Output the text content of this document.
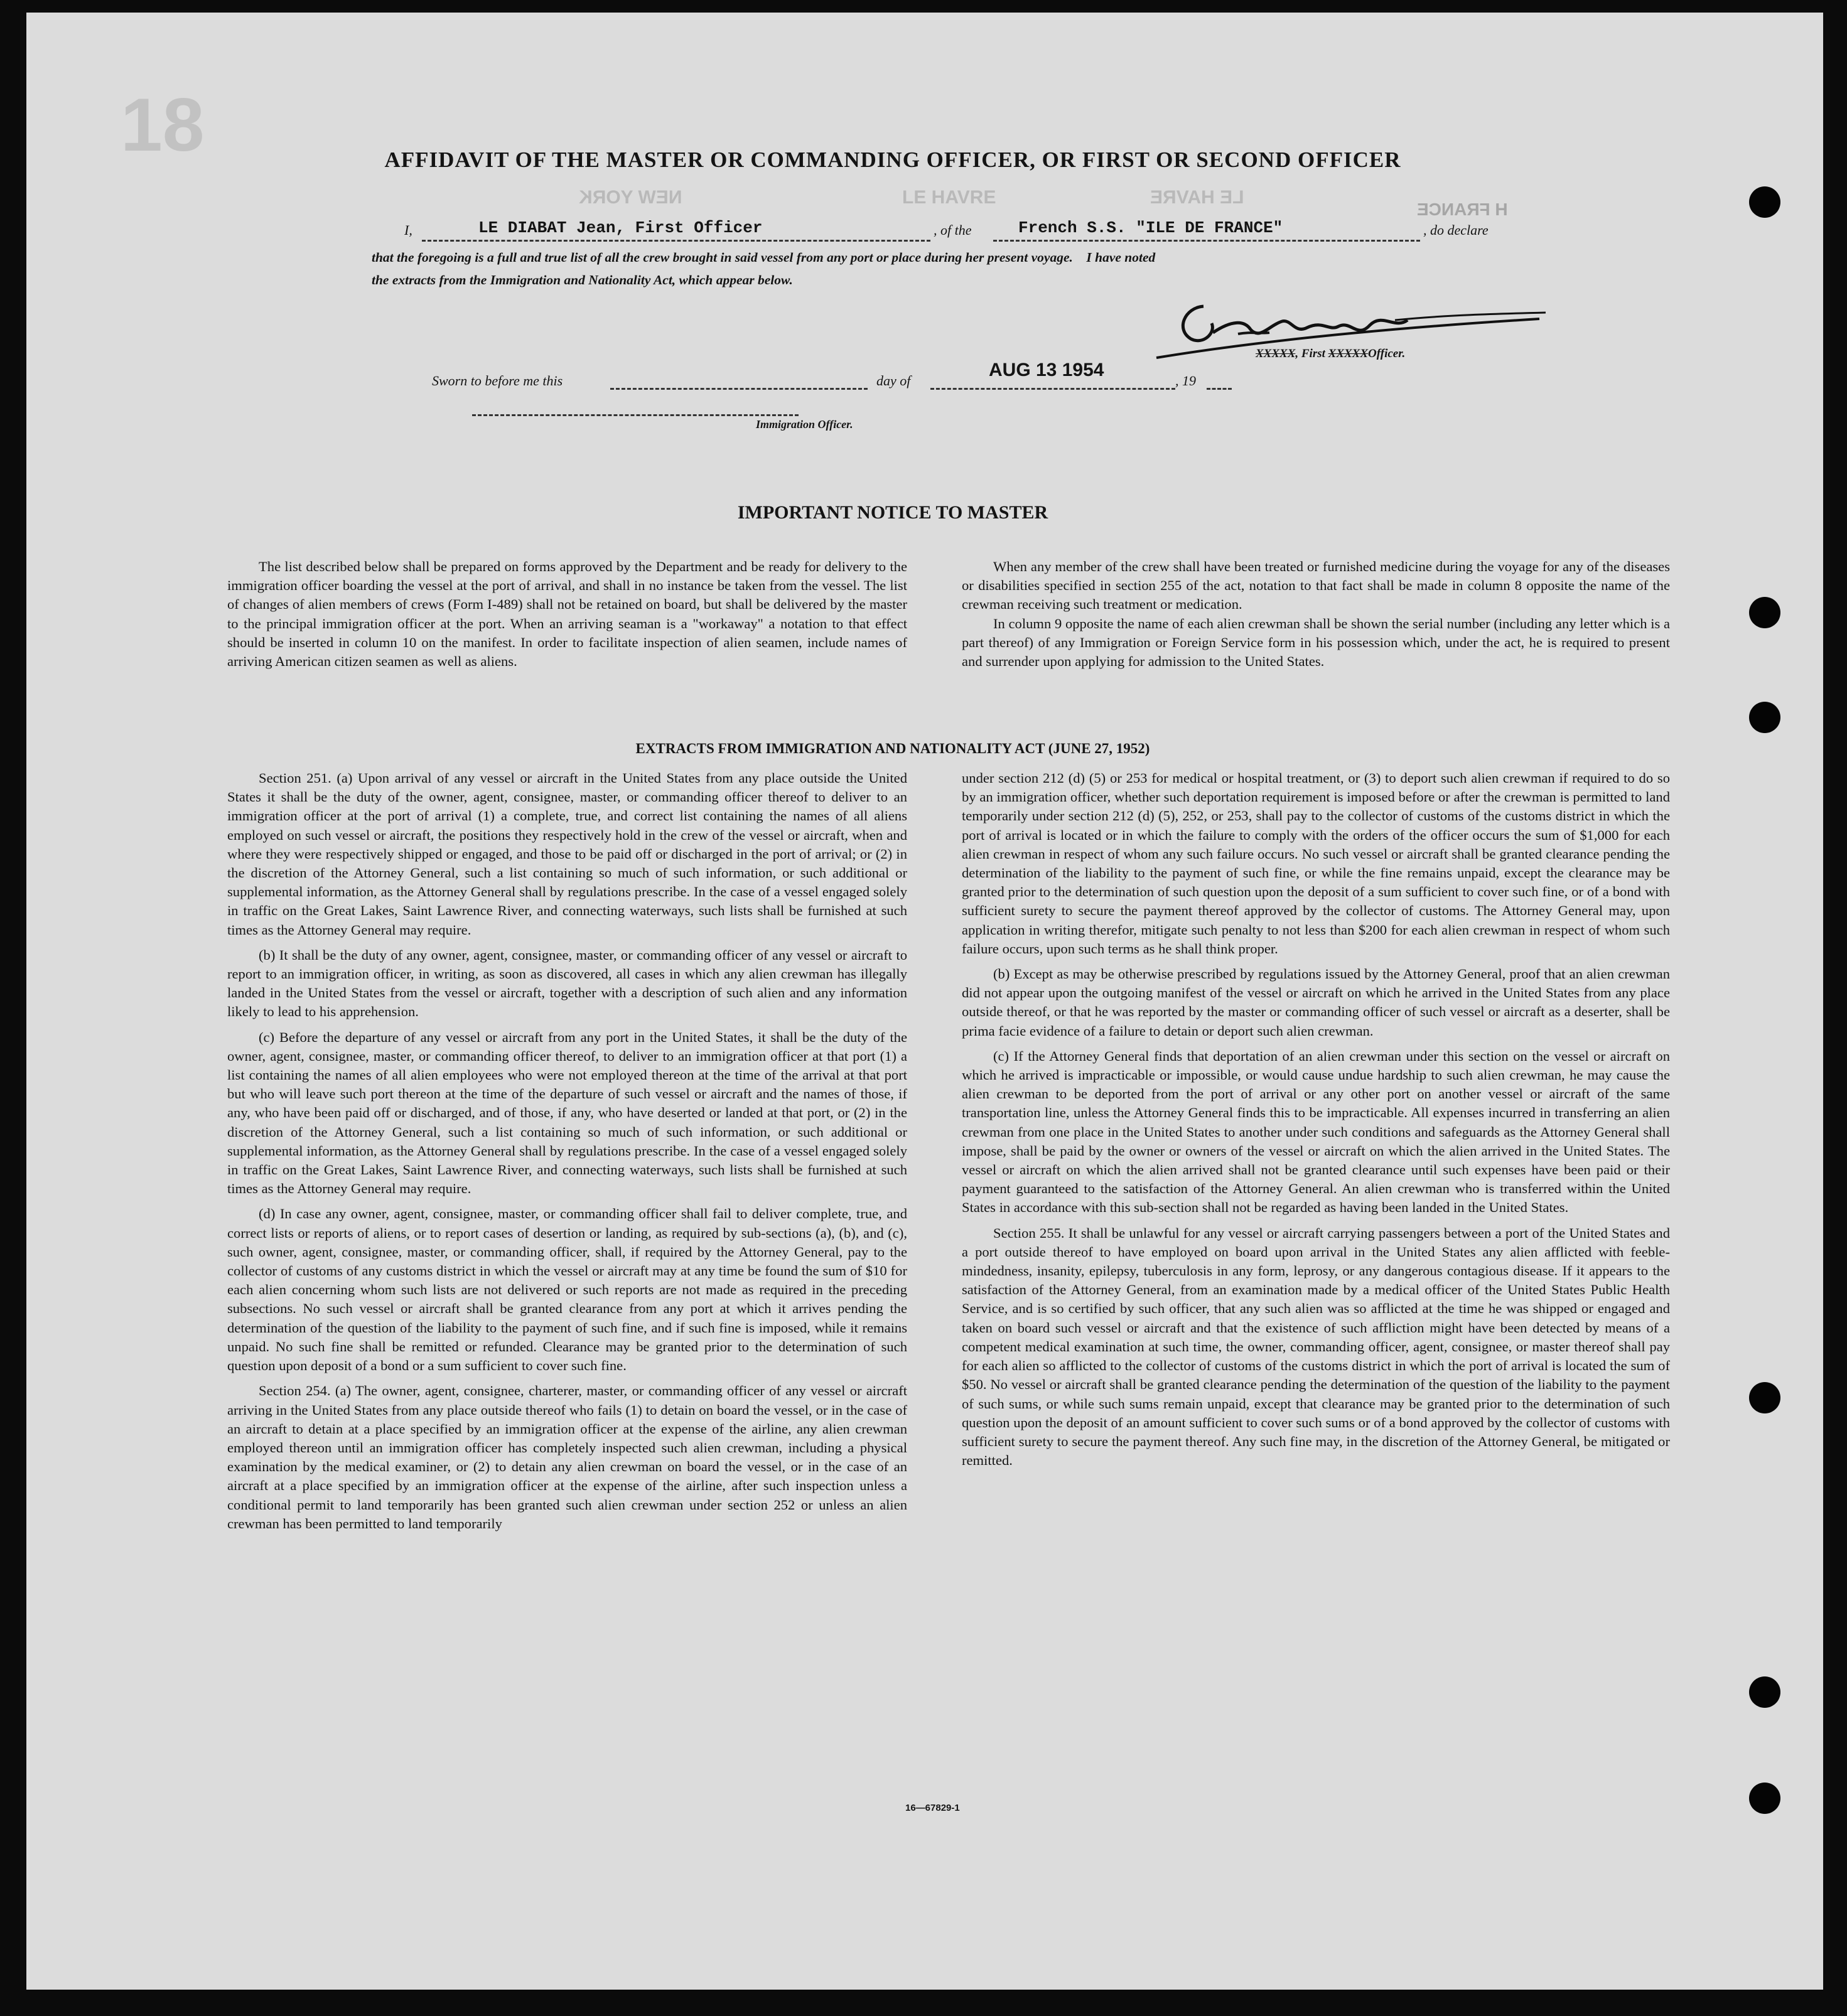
18
NEW YORK	LE HAVRE	LE HAVRE
H FRANCE
AFFIDAVIT OF THE MASTER OR COMMANDING OFFICER, OR FIRST OR SECOND OFFICER
I,	LE DIABAT Jean, First Officer	, of the	French S.S. "ILE DE FRANCE"	, do declare
that the foregoing is a full and true list of all the crew brought in said vessel from any port or place during her present voyage.    I have noted
the extracts from the Immigration and Nationality Act, which appear below.
Sworn to before me this	day of
AUG 13 1954
, 19
XXXXX, First XXXXXOfficer.
Immigration Officer.
IMPORTANT NOTICE TO MASTER

The list described below shall be prepared on forms approved by the Department and be ready for delivery to the immigration officer boarding the vessel at the port of arrival, and shall in no instance be taken from the vessel. The list of changes of alien members of crews (Form I-489) shall not be retained on board, but shall be delivered by the master to the principal immigration officer at the port. When an arriving seaman is a "workaway" a notation to that effect should be inserted in column 10 on the manifest. In order to facilitate inspection of alien seamen, include names of arriving American citizen seamen as well as aliens.

When any member of the crew shall have been treated or furnished medicine during the voyage for any of the diseases or disabilities specified in section 255 of the act, notation to that fact shall be made in column 8 opposite the name of the crewman receiving such treatment or medication.

In column 9 opposite the name of each alien crewman shall be shown the serial number (including any letter which is a part thereof) of any Immigration or Foreign Service form in his possession which, under the act, he is required to present and surrender upon applying for admission to the United States.

EXTRACTS FROM IMMIGRATION AND NATIONALITY ACT (JUNE 27, 1952)

Section 251. (a) Upon arrival of any vessel or aircraft in the United States from any place outside the United States it shall be the duty of the owner, agent, consignee, master, or commanding officer thereof to deliver to an immigration officer at the port of arrival (1) a complete, true, and correct list containing the names of all aliens employed on such vessel or aircraft, the positions they respectively hold in the crew of the vessel or aircraft, when and where they were respectively shipped or engaged, and those to be paid off or discharged in the port of arrival; or (2) in the discretion of the Attorney General, such a list containing so much of such information, or such additional or supplemental information, as the Attorney General shall by regulations prescribe. In the case of a vessel engaged solely in traffic on the Great Lakes, Saint Lawrence River, and connecting waterways, such lists shall be furnished at such times as the Attorney General may require.

(b) It shall be the duty of any owner, agent, consignee, master, or commanding officer of any vessel or aircraft to report to an immigration officer, in writing, as soon as discovered, all cases in which any alien crewman has illegally landed in the United States from the vessel or aircraft, together with a description of such alien and any information likely to lead to his apprehension.

(c) Before the departure of any vessel or aircraft from any port in the United States, it shall be the duty of the owner, agent, consignee, master, or commanding officer thereof, to deliver to an immigration officer at that port (1) a list containing the names of all alien employees who were not employed thereon at the time of the arrival at that port but who will leave such port thereon at the time of the departure of such vessel or aircraft and the names of those, if any, who have been paid off or discharged, and of those, if any, who have deserted or landed at that port, or (2) in the discretion of the Attorney General, such a list containing so much of such information, or such additional or supplemental information, as the Attorney General shall by regulations prescribe. In the case of a vessel engaged solely in traffic on the Great Lakes, Saint Lawrence River, and connecting waterways, such lists shall be furnished at such times as the Attorney General may require.

(d) In case any owner, agent, consignee, master, or commanding officer shall fail to deliver complete, true, and correct lists or reports of aliens, or to report cases of desertion or landing, as required by sub-sections (a), (b), and (c), such owner, agent, consignee, master, or commanding officer, shall, if required by the Attorney General, pay to the collector of customs of any customs district in which the vessel or aircraft may at any time be found the sum of $10 for each alien concerning whom such lists are not delivered or such reports are not made as required in the preceding subsections. No such vessel or aircraft shall be granted clearance from any port at which it arrives pending the determination of the question of the liability to the payment of such fine, and if such fine is imposed, while it remains unpaid. No such fine shall be remitted or refunded. Clearance may be granted prior to the determination of such question upon deposit of a bond or a sum sufficient to cover such fine.

Section 254. (a) The owner, agent, consignee, charterer, master, or commanding officer of any vessel or aircraft arriving in the United States from any place outside thereof who fails (1) to detain on board the vessel, or in the case of an aircraft to detain at a place specified by an immigration officer at the expense of the airline, any alien crewman employed thereon until an immigration officer has completely inspected such alien crewman, including a physical examination by the medical examiner, or (2) to detain any alien crewman on board the vessel, or in the case of an aircraft at a place specified by an immigration officer at the expense of the airline, after such inspection unless a conditional permit to land temporarily has been granted such alien crewman under section 252 or unless an alien crewman has been permitted to land temporarily

under section 212 (d) (5) or 253 for medical or hospital treatment, or (3) to deport such alien crewman if required to do so by an immigration officer, whether such deportation requirement is imposed before or after the crewman is permitted to land temporarily under section 212 (d) (5), 252, or 253, shall pay to the collector of customs of the customs district in which the port of arrival is located or in which the failure to comply with the orders of the officer occurs the sum of $1,000 for each alien crewman in respect of whom any such failure occurs. No such vessel or aircraft shall be granted clearance pending the determination of the liability to the payment of such fine, or while the fine remains unpaid, except the clearance may be granted prior to the determination of such question upon the deposit of a sum sufficient to cover such fine, or of a bond with sufficient surety to secure the payment thereof approved by the collector of customs. The Attorney General may, upon application in writing therefor, mitigate such penalty to not less than $200 for each alien crewman in respect of whom such failure occurs, upon such terms as he shall think proper.

(b) Except as may be otherwise prescribed by regulations issued by the Attorney General, proof that an alien crewman did not appear upon the outgoing manifest of the vessel or aircraft on which he arrived in the United States from any place outside thereof, or that he was reported by the master or commanding officer of such vessel or aircraft as a deserter, shall be prima facie evidence of a failure to detain or deport such alien crewman.

(c) If the Attorney General finds that deportation of an alien crewman under this section on the vessel or aircraft on which he arrived is impracticable or impossible, or would cause undue hardship to such alien crewman, he may cause the alien crewman to be deported from the port of arrival or any other port on another vessel or aircraft of the same transportation line, unless the Attorney General finds this to be impracticable. All expenses incurred in transferring an alien crewman from one place in the United States to another under such conditions and safeguards as the Attorney General shall impose, shall be paid by the owner or owners of the vessel or aircraft on which the alien arrived in the United States. The vessel or aircraft on which the alien arrived shall not be granted clearance until such expenses have been paid or their payment guaranteed to the satisfaction of the Attorney General. An alien crewman who is transferred within the United States in accordance with this sub-section shall not be regarded as having been landed in the United States.

Section 255. It shall be unlawful for any vessel or aircraft carrying passengers between a port of the United States and a port outside thereof to have employed on board upon arrival in the United States any alien afflicted with feeble-mindedness, insanity, epilepsy, tuberculosis in any form, leprosy, or any dangerous contagious disease. If it appears to the satisfaction of the Attorney General, from an examination made by a medical officer of the United States Public Health Service, and is so certified by such officer, that any such alien was so afflicted at the time he was shipped or engaged and taken on board such vessel or aircraft and that the existence of such affliction might have been detected by means of a competent medical examination at such time, the owner, commanding officer, agent, consignee, or master thereof shall pay for each alien so afflicted to the collector of customs of the customs district in which the port of arrival is located the sum of $50. No vessel or aircraft shall be granted clearance pending the determination of the question of the liability to the payment of such sums, or while such sums remain unpaid, except that clearance may be granted prior to the determination of such question upon the deposit of an amount sufficient to cover such sums or of a bond approved by the collector of customs with sufficient surety to secure the payment thereof. Any such fine may, in the discretion of the Attorney General, be mitigated or remitted.

16—67829-1
